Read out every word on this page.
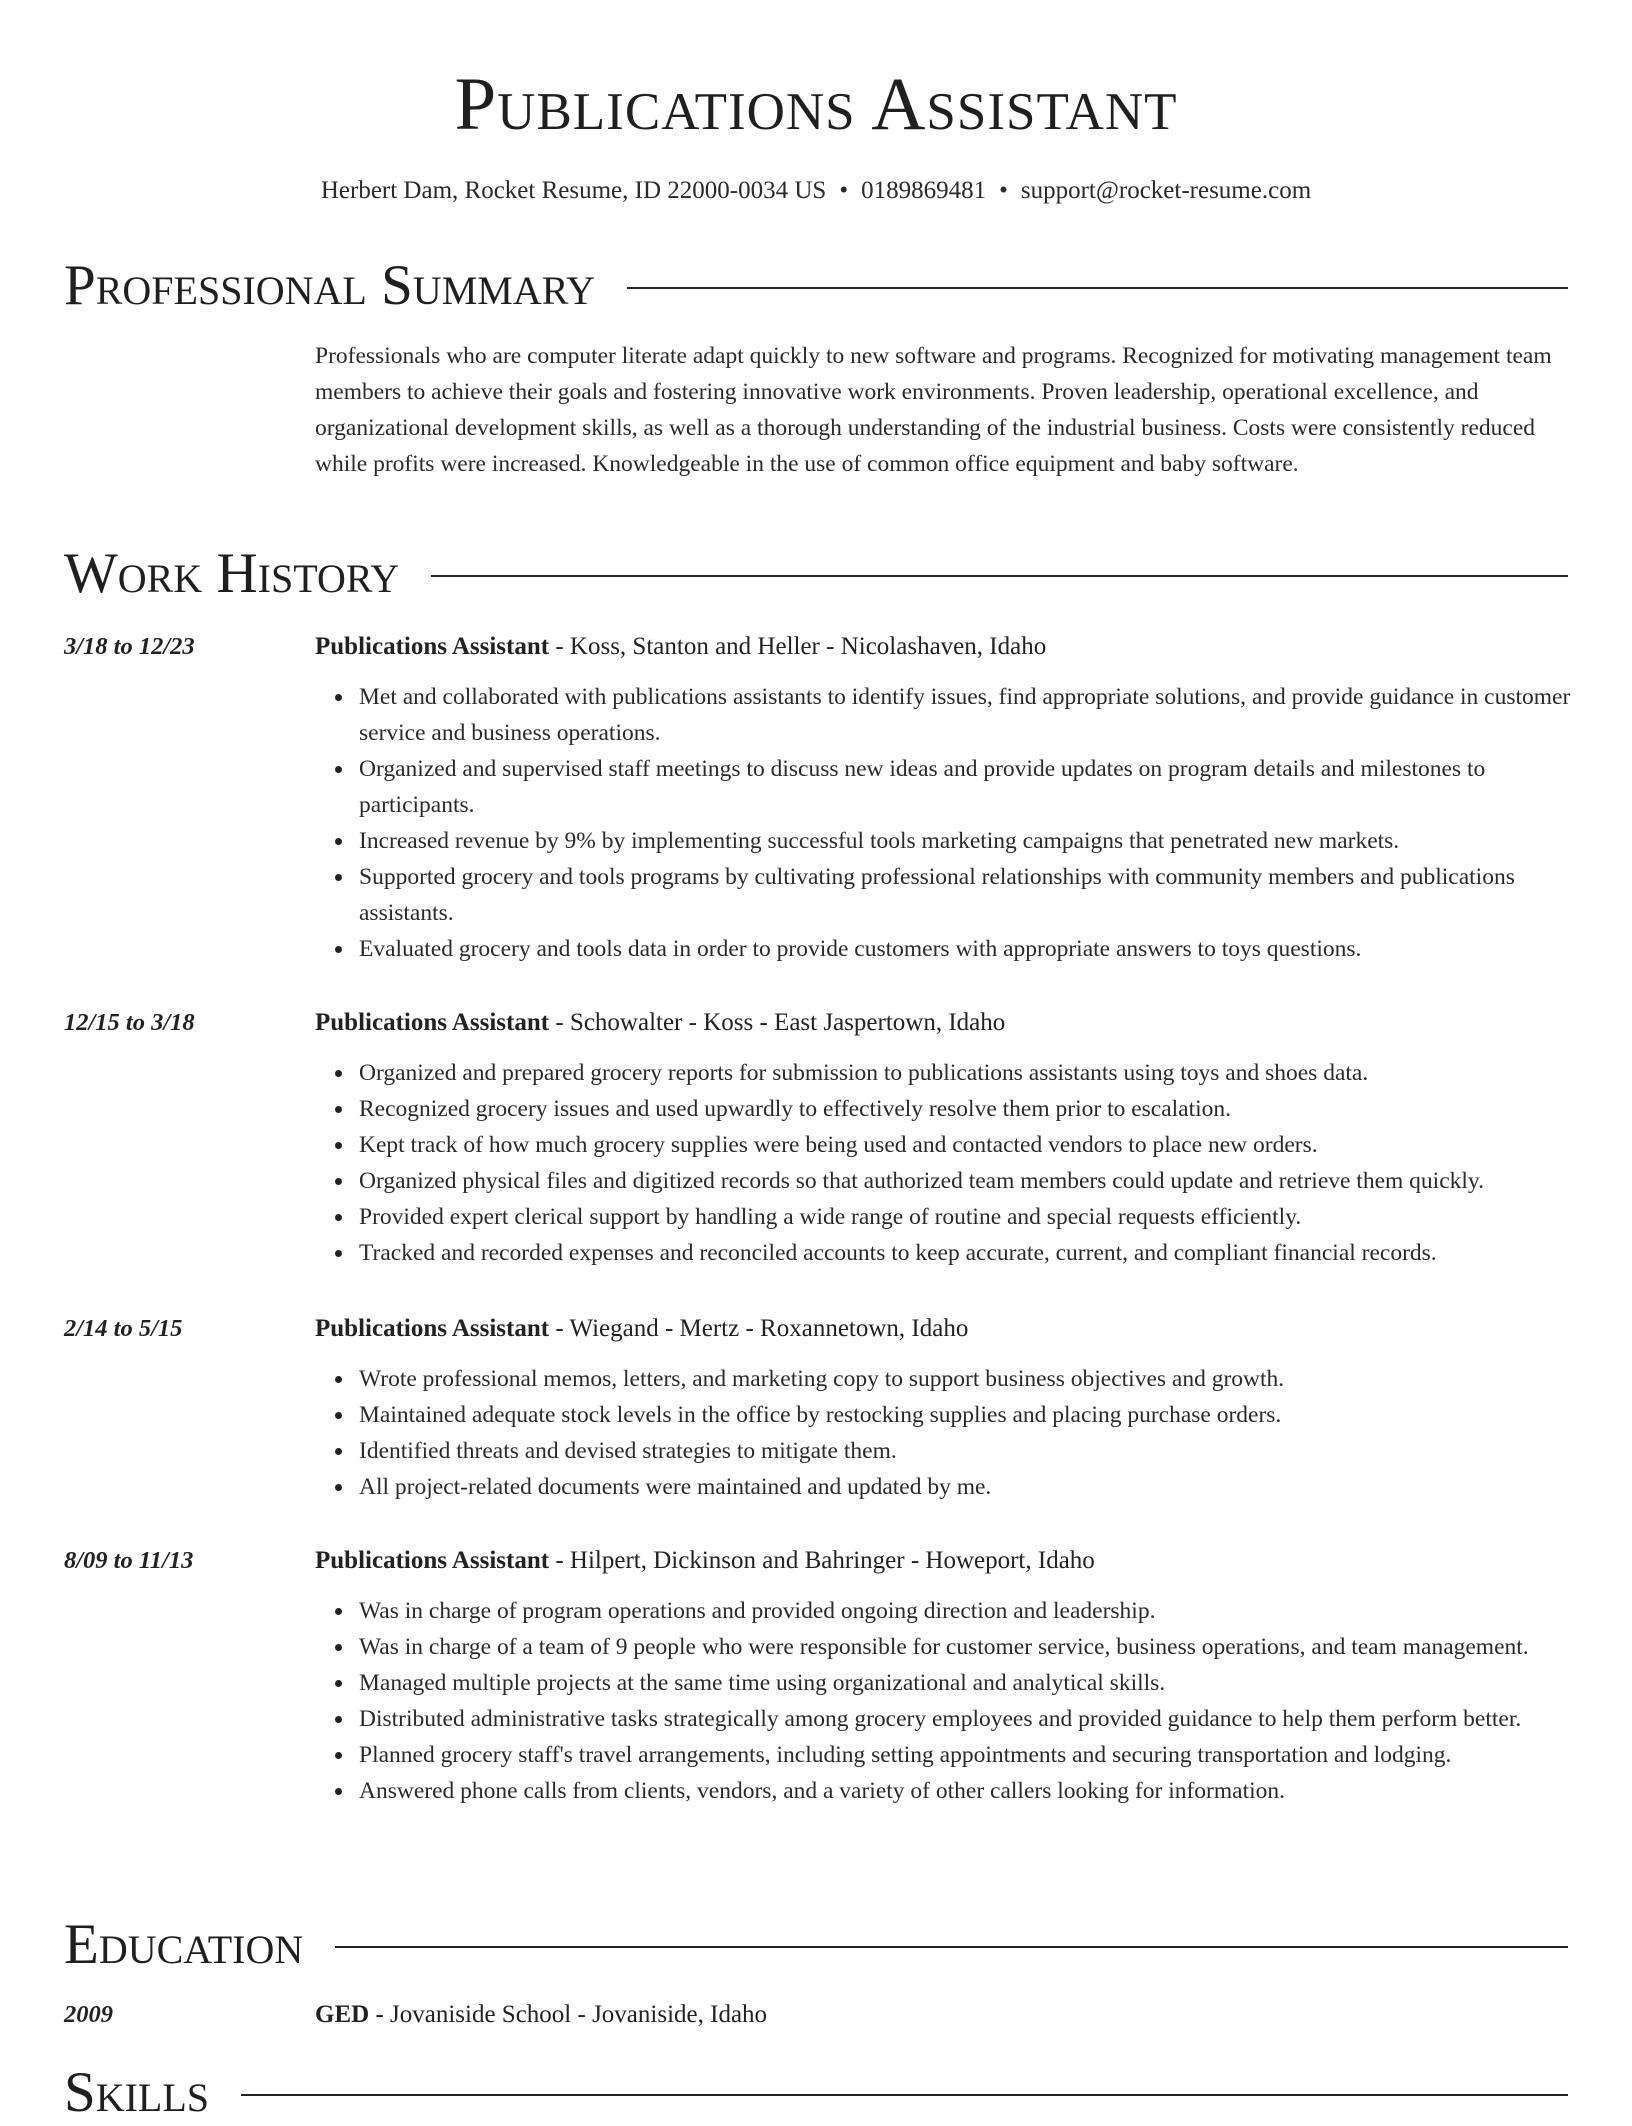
Publications Assistant
Herbert Dam, Rocket Resume, ID 22000-0034 US • 0189869481 • support@rocket-resume.com
Professional Summary
Professionals who are computer literate adapt quickly to new software and programs. Recognized for motivating management team members to achieve their goals and fostering innovative work environments. Proven leadership, operational excellence, and organizational development skills, as well as a thorough understanding of the industrial business. Costs were consistently reduced while profits were increased. Knowledgeable in the use of common office equipment and baby software.
Work History
3/18 to 12/23	Publications Assistant - Koss, Stanton and Heller - Nicolashaven, Idaho
Met and collaborated with publications assistants to identify issues, find appropriate solutions, and provide guidance in customer service and business operations.
Organized and supervised staff meetings to discuss new ideas and provide updates on program details and milestones to participants.
Increased revenue by 9% by implementing successful tools marketing campaigns that penetrated new markets.
Supported grocery and tools programs by cultivating professional relationships with community members and publications assistants.
Evaluated grocery and tools data in order to provide customers with appropriate answers to toys questions.
12/15 to 3/18	Publications Assistant - Schowalter - Koss - East Jaspertown, Idaho
Organized and prepared grocery reports for submission to publications assistants using toys and shoes data.
Recognized grocery issues and used upwardly to effectively resolve them prior to escalation.
Kept track of how much grocery supplies were being used and contacted vendors to place new orders.
Organized physical files and digitized records so that authorized team members could update and retrieve them quickly.
Provided expert clerical support by handling a wide range of routine and special requests efficiently.
Tracked and recorded expenses and reconciled accounts to keep accurate, current, and compliant financial records.
2/14 to 5/15	Publications Assistant - Wiegand - Mertz - Roxannetown, Idaho
Wrote professional memos, letters, and marketing copy to support business objectives and growth.
Maintained adequate stock levels in the office by restocking supplies and placing purchase orders.
Identified threats and devised strategies to mitigate them.
All project-related documents were maintained and updated by me.
8/09 to 11/13	Publications Assistant - Hilpert, Dickinson and Bahringer - Howeport, Idaho
Was in charge of program operations and provided ongoing direction and leadership.
Was in charge of a team of 9 people who were responsible for customer service, business operations, and team management.
Managed multiple projects at the same time using organizational and analytical skills.
Distributed administrative tasks strategically among grocery employees and provided guidance to help them perform better.
Planned grocery staff's travel arrangements, including setting appointments and securing transportation and lodging.
Answered phone calls from clients, vendors, and a variety of other callers looking for information.
Education
2009	GED - Jovaniside School - Jovaniside, Idaho
Skills
